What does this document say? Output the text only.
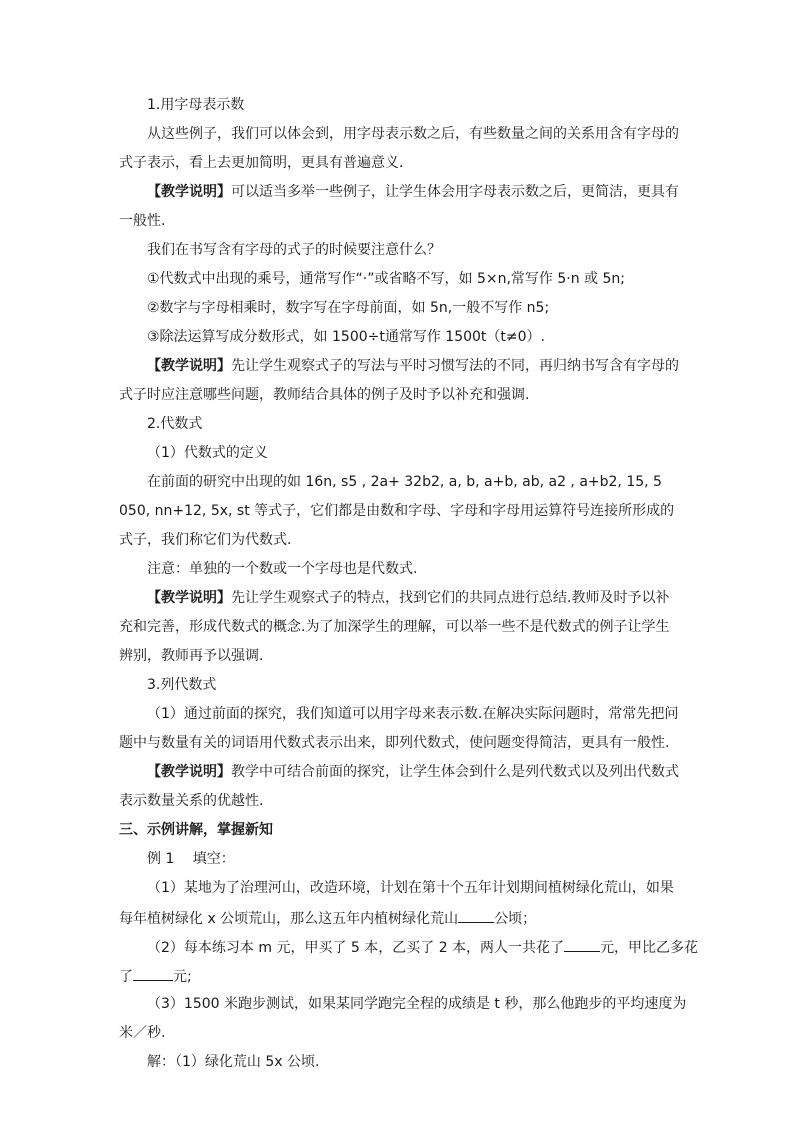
1.用字母表示数
从这些例子，我们可以体会到，用字母表示数之后，有些数量之间的关系用含有字母的
式子表示，看上去更加简明，更具有普遍意义．
【教学说明】可以适当多举一些例子，让学生体会用字母表示数之后，更简洁，更具有
一般性.
我们在书写含有字母的式子的时候要注意什么？
①代数式中出现的乘号，通常写作“·”或省略不写，如 5×n,常写作 5·n 或 5n;
②数字与字母相乘时，数字写在字母前面，如 5n,一般不写作 n5;
③除法运算写成分数形式，如 1500÷t通常写作 1500t（t≠0）.
【教学说明】先让学生观察式子的写法与平时习惯写法的不同，再归纳书写含有字母的
式子时应注意哪些问题，教师结合具体的例子及时予以补充和强调.
2.代数式
（1）代数式的定义
在前面的研究中出现的如 16n, s5 , 2a+ 32b2, a, b, a+b, ab, a2 , a+b2, 15, 5
050, nn+12, 5x, st 等式子，它们都是由数和字母、字母和字母用运算符号连接所形成的
式子，我们称它们为代数式.
注意：单独的一个数或一个字母也是代数式.
【教学说明】先让学生观察式子的特点，找到它们的共同点进行总结.教师及时予以补
充和完善，形成代数式的概念.为了加深学生的理解，可以举一些不是代数式的例子让学生
辨别，教师再予以强调.
3.列代数式
（1）通过前面的探究，我们知道可以用字母来表示数.在解决实际问题时，常常先把问
题中与数量有关的词语用代数式表示出来，即列代数式，使问题变得简洁，更具有一般性.
【教学说明】教学中可结合前面的探究，让学生体会到什么是列代数式以及列出代数式
表示数量关系的优越性.
三、示例讲解，掌握新知
例 1　 填空：
（1）某地为了治理河山，改造环境，计划在第十个五年计划期间植树绿化荒山，如果
每年植树绿化 x 公顷荒山，那么这五年内植树绿化荒山	公顷；
（2）每本练习本 m 元，甲买了 5 本，乙买了 2 本，两人一共花了	元，甲比乙多花
了	元;
（3）1500 米跑步测试，如果某同学跑完全程的成绩是 t 秒，那么他跑步的平均速度为
米／秒.
解：（1）绿化荒山 5x 公顷.
